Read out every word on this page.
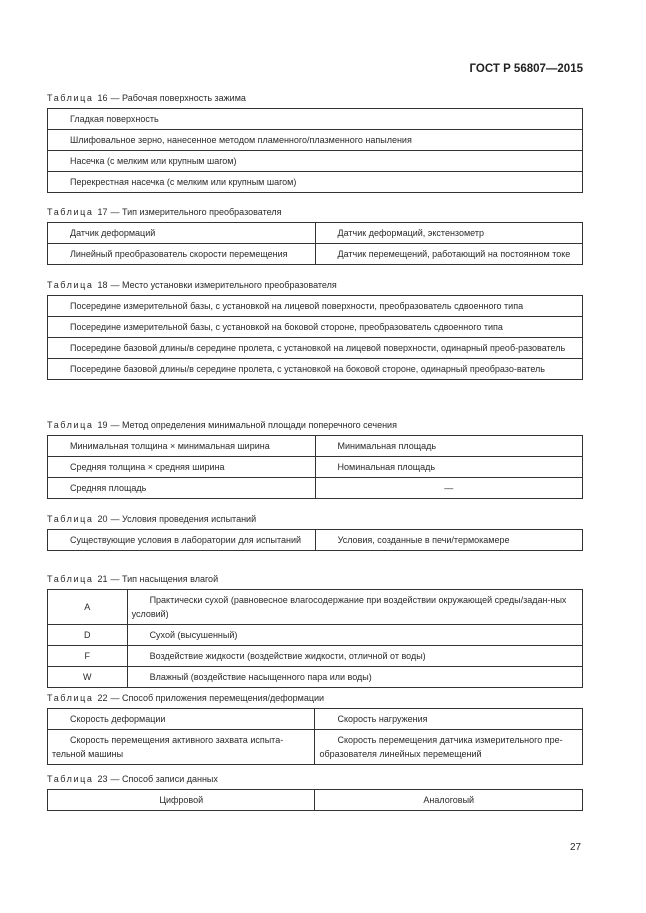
ГОСТ Р 56807—2015
Таблица 16 — Рабочая поверхность зажима
Гладкая поверхность
Шлифовальное зерно, нанесенное методом пламенного/плазменного напыления
Насечка (с мелким или крупным шагом)
Перекрестная насечка (с мелким или крупным шагом)
Таблица 17 — Тип измерительного преобразователя
Датчик деформаций	Датчик деформаций, экстензометр
Линейный преобразователь скорости перемещения	Датчик перемещений, работающий на постоянном токе
Таблица 18 — Место установки измерительного преобразователя
Посередине измерительной базы, с установкой на лицевой поверхности, преобразователь сдвоенного типа
Посередине измерительной базы, с установкой на боковой стороне, преобразователь сдвоенного типа
Посередине базовой длины/в середине пролета, с установкой на лицевой поверхности, одинарный преоб-разователь
Посередине базовой длины/в середине пролета, с установкой на боковой стороне, одинарный преобразо-ватель
Таблица 19 — Метод определения минимальной площади поперечного сечения
Минимальная толщина × минимальная ширина	Минимальная площадь
Средняя толщина × средняя ширина	Номинальная площадь
Средняя площадь	—
Таблица 20 — Условия проведения испытаний
Существующие условия в лаборатории для испытаний	Условия, созданные в печи/термокамере
Таблица 21 — Тип насыщения влагой
A	Практически сухой (равновесное влагосодержание при воздействии окружающей среды/задан-ных условий)
D	Сухой (высушенный)
F	Воздействие жидкости (воздействие жидкости, отличной от воды)
W	Влажный (воздействие насыщенного пара или воды)
Таблица 22 — Способ приложения перемещения/деформации
Скорость деформации	Скорость нагружения
Скорость перемещения активного захвата испыта-тельной машины	Скорость перемещения датчика измерительного пре-образователя линейных перемещений
Таблица 23 — Способ записи данных
Цифровой	Аналоговый
27
